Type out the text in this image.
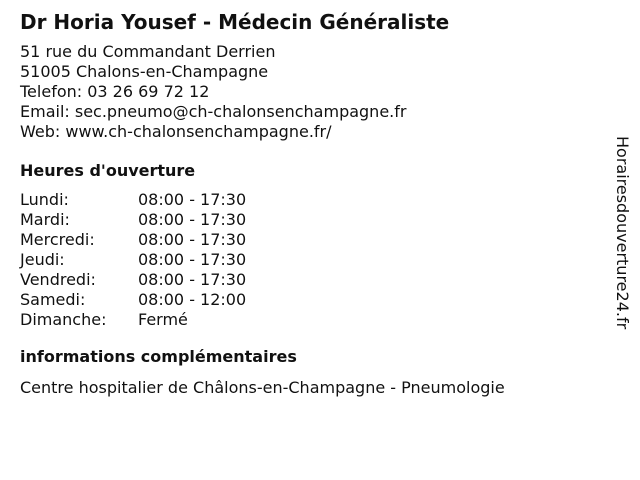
Dr Horia Yousef - Médecin Généraliste
51 rue du Commandant Derrien
51005 Chalons-en-Champagne
Telefon: 03 26 69 72 12
Email: sec.pneumo@ch-chalonsenchampagne.fr
Web: www.ch-chalonsenchampagne.fr/
Heures d'ouverture
Lundi:	08:00 - 17:30
Mardi:	08:00 - 17:30
Mercredi:	08:00 - 17:30
Jeudi:	08:00 - 17:30
Vendredi:	08:00 - 17:30
Samedi:	08:00 - 12:00
Dimanche:	Fermé
informations complémentaires
Centre hospitalier de Châlons-en-Champagne - Pneumologie
Horairesdouverture24.fr
